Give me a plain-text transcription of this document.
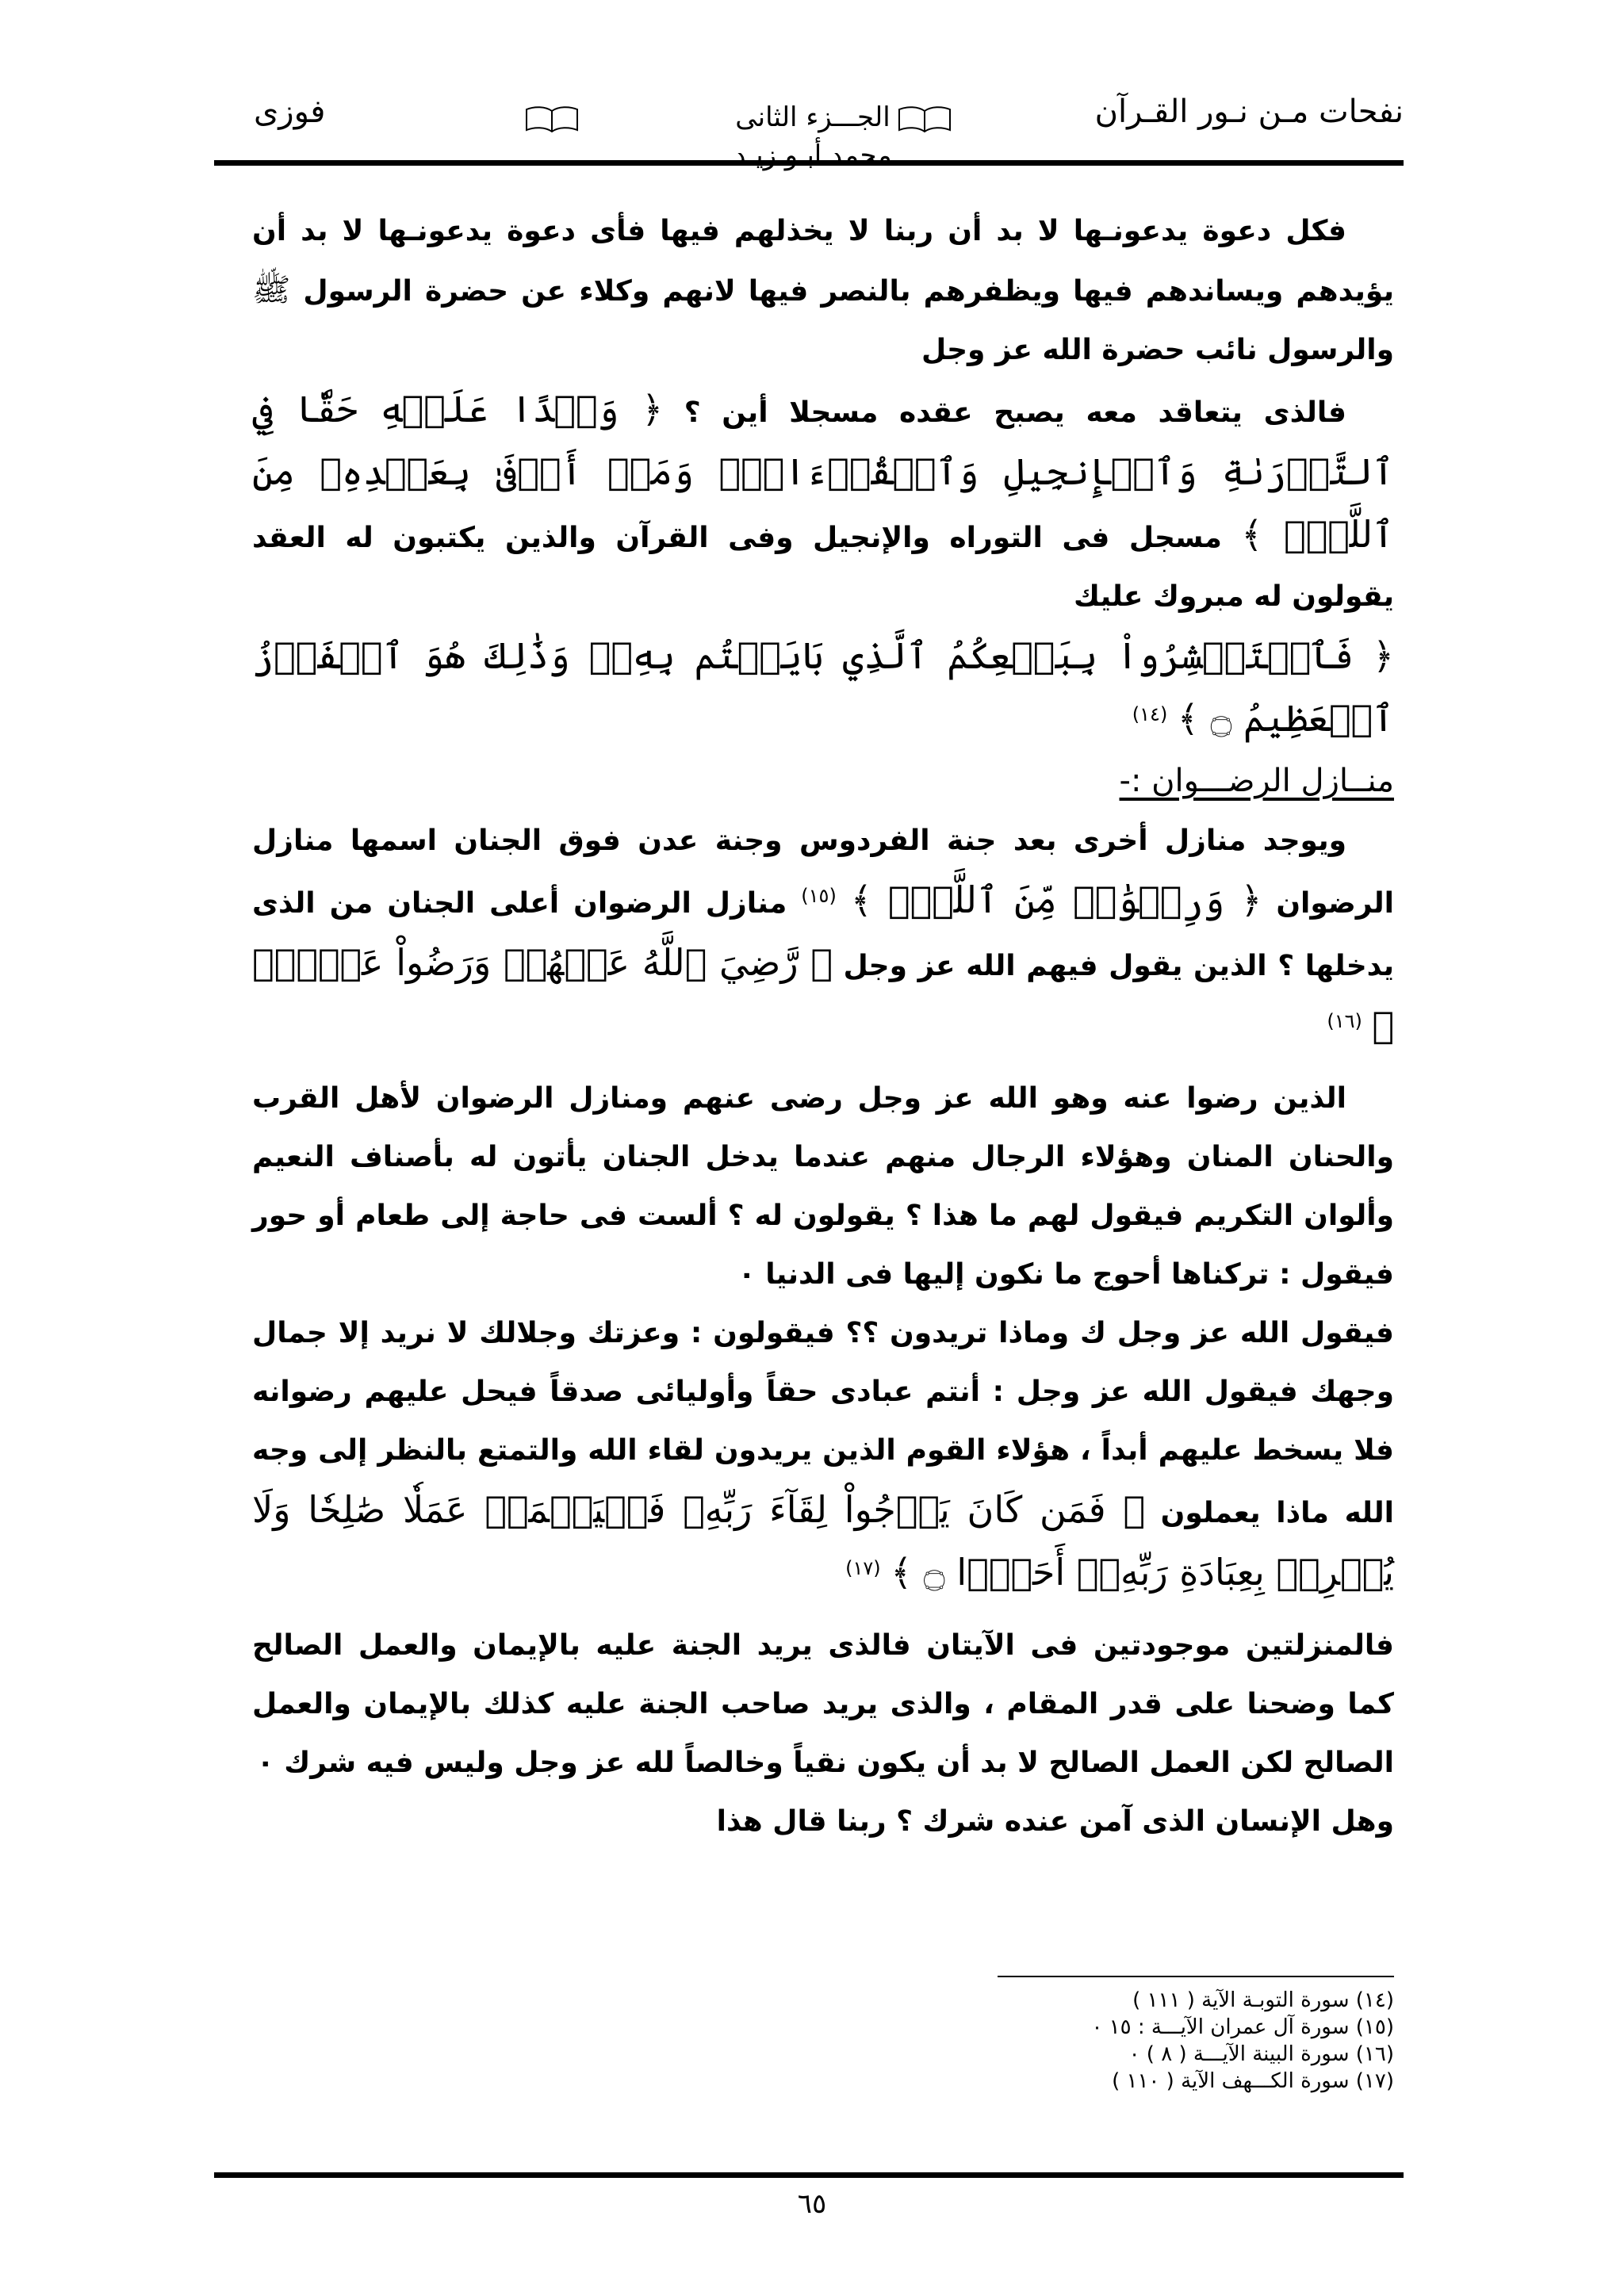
نفحات مـن نـور القـرآن
الجـــزء الثانى
محمد أبـو زيـد
فوزى

فكل دعوة يدعونـها لا بد أن ربنا لا يخذلهم فيها فأى دعوة يدعونـها لا بد أن يؤيدهم ويساندهم فيها ويظفرهم بالنصر فيها لانهم وكلاء عن حضرة الرسول ﷺ والرسول نائب حضرة الله عز وجل

فالذى يتعاقد معه يصبح عقده مسجلا أين ؟ ﴿ وَعۡدًا عَلَيۡهِ حَقّٗا فِي ٱلتَّوۡرَىٰةِ وَٱلۡإِنجِيلِ وَٱلۡقُرۡءَانِۚ وَمَنۡ أَوۡفَىٰ بِعَهۡدِهِۦ مِنَ ٱللَّهِۚ ﴾ مسجل فى التوراه والإنجيل وفى القرآن والذين يكتبون له العقد يقولون له مبروك عليك

﴿ فَٱسۡتَبۡشِرُواْ بِبَيۡعِكُمُ ٱلَّذِي بَايَعۡتُم بِهِۦۚ وَذَٰلِكَ هُوَ ٱلۡفَوۡزُ ٱلۡعَظِيمُ ۝ ﴾ $^{(١٤)}$

منــازل الرضـــوان :-

ويوجد منازل أخرى بعد جنة الفردوس وجنة عدن فوق الجنان اسمها منازل الرضوان ﴿ وَرِضۡوَٰنٞ مِّنَ ٱللَّهِۗ ﴾ $^{(١٥)}$ منازل الرضوان أعلى الجنان من الذى يدخلها ؟ الذين يقول فيهم الله عز وجل ﴿ رَّضِيَ ٱللَّهُ عَنۡهُمۡ وَرَضُواْ عَنۡهُۚ ﴾ $^{(١٦)}$

الذين رضوا عنه وهو الله عز وجل رضى عنهم ومنازل الرضوان لأهل القرب والحنان المنان وهؤلاء الرجال منهم عندما يدخل الجنان يأتون له بأصناف النعيم وألوان التكريم فيقول لهم ما هذا ؟ يقولون له ؟ ألست فى حاجة إلى طعام أو حور فيقول : تركناها أحوج ما نكون إليها فى الدنيا ٠

فيقول الله عز وجل ك وماذا تريدون ؟؟ فيقولون : وعزتك وجلالك لا نريد إلا جمال وجهك فيقول الله عز وجل : أنتم عبادى حقاً وأوليائى صدقاً فيحل عليهم رضوانه فلا يسخط عليهم أبداً ، هؤلاء القوم الذين يريدون لقاء الله والتمتع بالنظر إلى وجه الله ماذا يعملون ﴿ فَمَن كَانَ يَرۡجُواْ لِقَآءَ رَبِّهِۦ فَلۡيَعۡمَلۡ عَمَلٗا صَٰلِحٗا وَلَا يُشۡرِكۡ بِعِبَادَةِ رَبِّهِۦٓ أَحَدَۢا ۝ ﴾ $^{(١٧)}$

فالمنزلتين موجودتين فى الآيتان فالذى يريد الجنة عليه بالإيمان والعمل الصالح كما وضحنا على قدر المقام ، والذى يريد صاحب الجنة عليه كذلك بالإيمان والعمل الصالح لكن العمل الصالح لا بد أن يكون نقياً وخالصاً لله عز وجل وليس فيه شرك ٠

وهل الإنسان الذى آمن عنده شرك ؟ ربنا قال هذا

(١٤) سورة التوبـة الآية ( ١١١ )
(١٥) سورة آل عمران الآيـــة : ١٥ ٠
(١٦) سورة البينة الآيـــة ( ٨ ) ٠
(١٧) سورة الكـــهف الآية ( ١١٠ )
٦٥
